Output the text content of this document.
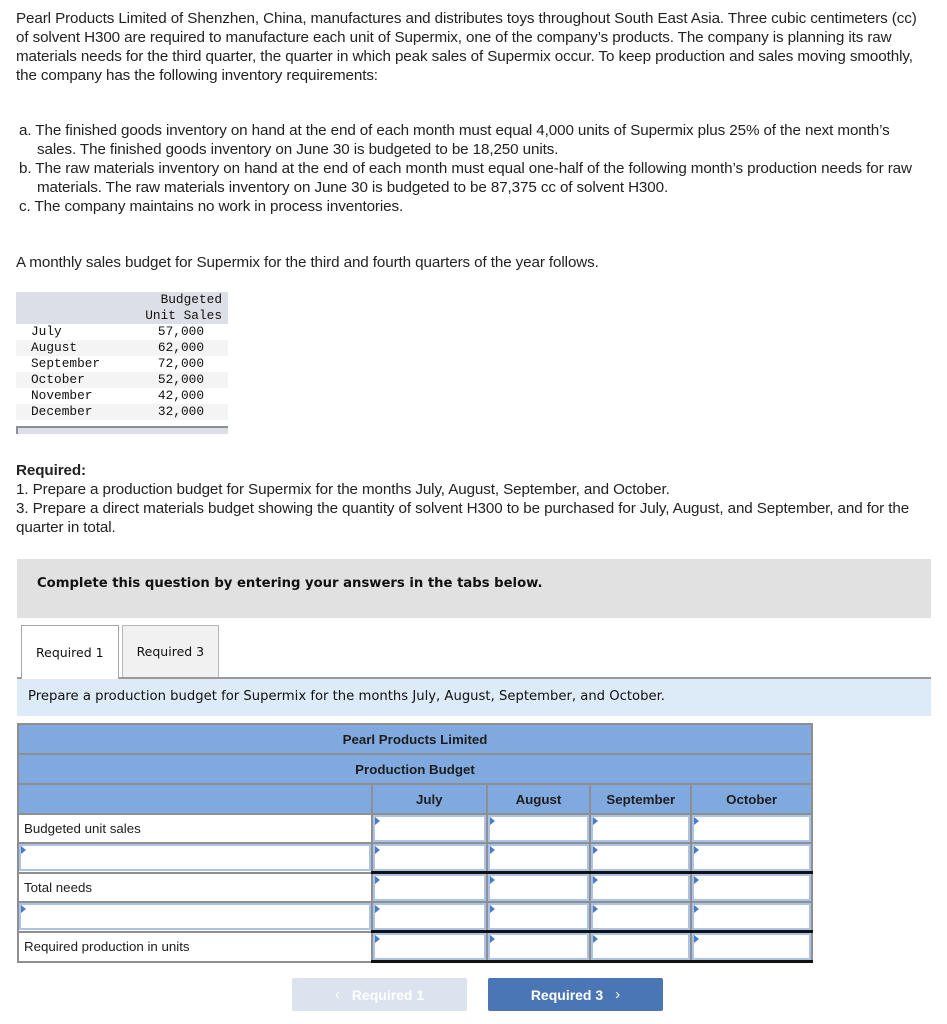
Pearl Products Limited of Shenzhen, China, manufactures and distributes toys throughout South East Asia. Three cubic centimeters (cc) of solvent H300 are required to manufacture each unit of Supermix, one of the company’s products. The company is planning its raw materials needs for the third quarter, the quarter in which peak sales of Supermix occur. To keep production and sales moving smoothly, the company has the following inventory requirements:

a. The finished goods inventory on hand at the end of each month must equal 4,000 units of Supermix plus 25% of the next month’s sales. The finished goods inventory on June 30 is budgeted to be 18,250 units.
b. The raw materials inventory on hand at the end of each month must equal one-half of the following month’s production needs for raw materials. The raw materials inventory on June 30 is budgeted to be 87,375 cc of solvent H300.
c. The company maintains no work in process inventories.

A monthly sales budget for Supermix for the third and fourth quarters of the year follows.

	Budgeted
	Unit Sales
July	57,000
August	62,000
September	72,000
October	52,000
November	42,000
December	32,000
Required:
1. Prepare a production budget for Supermix for the months July, August, September, and October.
3. Prepare a direct materials budget showing the quantity of solvent H300 to be purchased for July, August, and September, and for the quarter in total.
Complete this question by entering your answers in the tabs below.
Required 1	Required 3
Prepare a production budget for Supermix for the months July, August, September, and October.
Pearl Products Limited				
Production Budget				
	July	August	September	October
Budgeted unit sales	

Total needs	

Required production in units	

‹ Required 1	Required 3 ›
